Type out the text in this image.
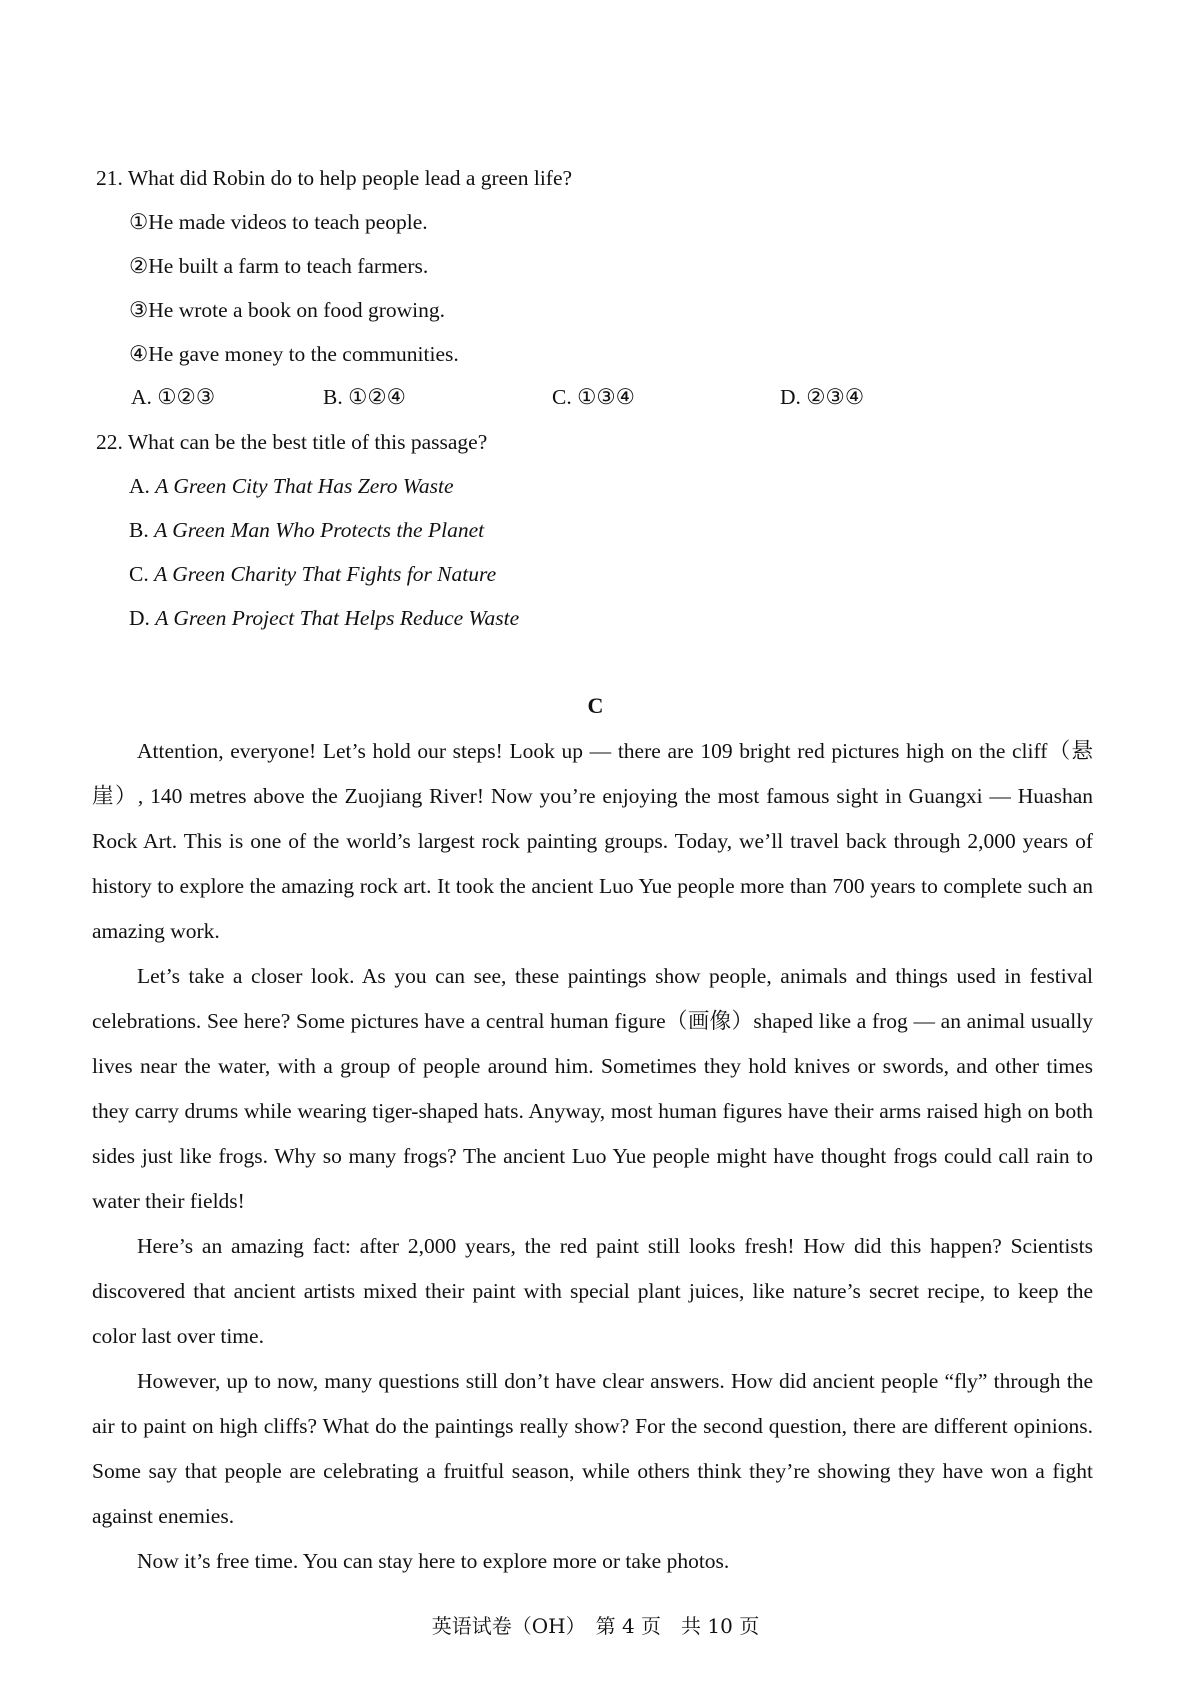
21. What did Robin do to help people lead a green life?
①He made videos to teach people.
②He built a farm to teach farmers.
③He wrote a book on food growing.
④He gave money to the communities.
A. ①②③	B. ①②④	C. ①③④	D. ②③④
22. What can be the best title of this passage?
A. A Green City That Has Zero Waste
B. A Green Man Who Protects the Planet
C. A Green Charity That Fights for Nature
D. A Green Project That Helps Reduce Waste
C

Attention, everyone! Let’s hold our steps! Look up — there are 109 bright red pictures high on the cliff（悬崖）, 140 metres above the Zuojiang River! Now you’re enjoying the most famous sight in Guangxi — Huashan Rock Art. This is one of the world’s largest rock painting groups. Today, we’ll travel back through 2,000 years of history to explore the amazing rock art. It took the ancient Luo Yue people more than 700 years to complete such an amazing work.

Let’s take a closer look. As you can see, these paintings show people, animals and things used in festival celebrations. See here? Some pictures have a central human figure（画像）shaped like a frog — an animal usually lives near the water, with a group of people around him. Sometimes they hold knives or swords, and other times they carry drums while wearing tiger-shaped hats. Anyway, most human figures have their arms raised high on both sides just like frogs. Why so many frogs? The ancient Luo Yue people might have thought frogs could call rain to water their fields!

Here’s an amazing fact: after 2,000 years, the red paint still looks fresh! How did this happen? Scientists discovered that ancient artists mixed their paint with special plant juices, like nature’s secret recipe, to keep the color last over time.

However, up to now, many questions still don’t have clear answers. How did ancient people “fly” through the air to paint on high cliffs? What do the paintings really show? For the second question, there are different opinions. Some say that people are celebrating a fruitful season, while others think they’re showing they have won a fight against enemies.

Now it’s free time. You can stay here to explore more or take photos.

英语试卷（OH）　第 4 页　共 10 页
